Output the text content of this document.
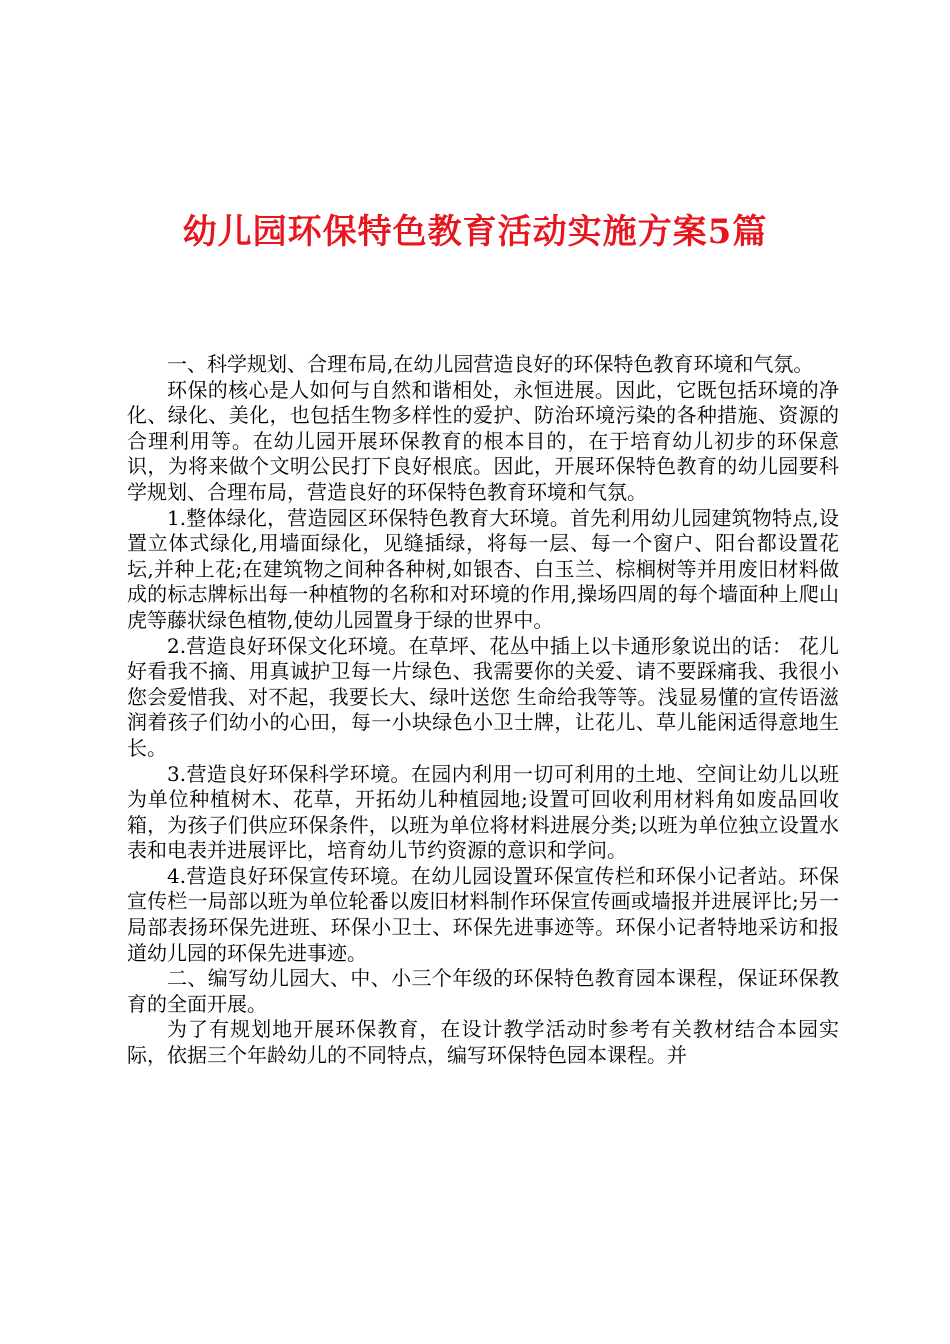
幼儿园环保特色教育活动实施方案5篇

一、科学规划、合理布局,在幼儿园营造良好的环保特色教育环境和气氛。

环保的核心是人如何与自然和谐相处，永恒进展。因此，它既包括环境的净化、绿化、美化，也包括生物多样性的爱护、防治环境污染的各种措施、资源的合理利用等。在幼儿园开展环保教育的根本目的，在于培育幼儿初步的环保意识，为将来做个文明公民打下良好根底。因此，开展环保特色教育的幼儿园要科学规划、合理布局，营造良好的环保特色教育环境和气氛。

1.整体绿化，营造园区环保特色教育大环境。首先利用幼儿园建筑物特点,设置立体式绿化,用墙面绿化，见缝插绿，将每一层、每一个窗户、阳台都设置花坛,并种上花;在建筑物之间种各种树,如银杏、白玉兰、棕榈树等并用废旧材料做成的标志牌标出每一种植物的名称和对环境的作用,操场四周的每个墙面种上爬山虎等藤状绿色植物,使幼儿园置身于绿的世界中。

2.营造良好环保文化环境。在草坪、花丛中插上以卡通形象说出的话： 花儿好看我不摘、用真诚护卫每一片绿色、我需要你的关爱、请不要踩痛我、我很小 您会爱惜我、对不起，我要长大、绿叶送您 生命给我等等。浅显易懂的宣传语滋润着孩子们幼小的心田，每一小块绿色小卫士牌，让花儿、草儿能闲适得意地生长。

3.营造良好环保科学环境。在园内利用一切可利用的土地、空间让幼儿以班为单位种植树木、花草，开拓幼儿种植园地;设置可回收利用材料角如废品回收箱，为孩子们供应环保条件，以班为单位将材料进展分类;以班为单位独立设置水表和电表并进展评比，培育幼儿节约资源的意识和学问。

4.营造良好环保宣传环境。在幼儿园设置环保宣传栏和环保小记者站。环保宣传栏一局部以班为单位轮番以废旧材料制作环保宣传画或墙报并进展评比;另一局部表扬环保先进班、环保小卫士、环保先进事迹等。环保小记者特地采访和报道幼儿园的环保先进事迹。

二、编写幼儿园大、中、小三个年级的环保特色教育园本课程，保证环保教育的全面开展。

为了有规划地开展环保教育，在设计教学活动时参考有关教材结合本园实际，依据三个年龄幼儿的不同特点，编写环保特色园本课程。并
